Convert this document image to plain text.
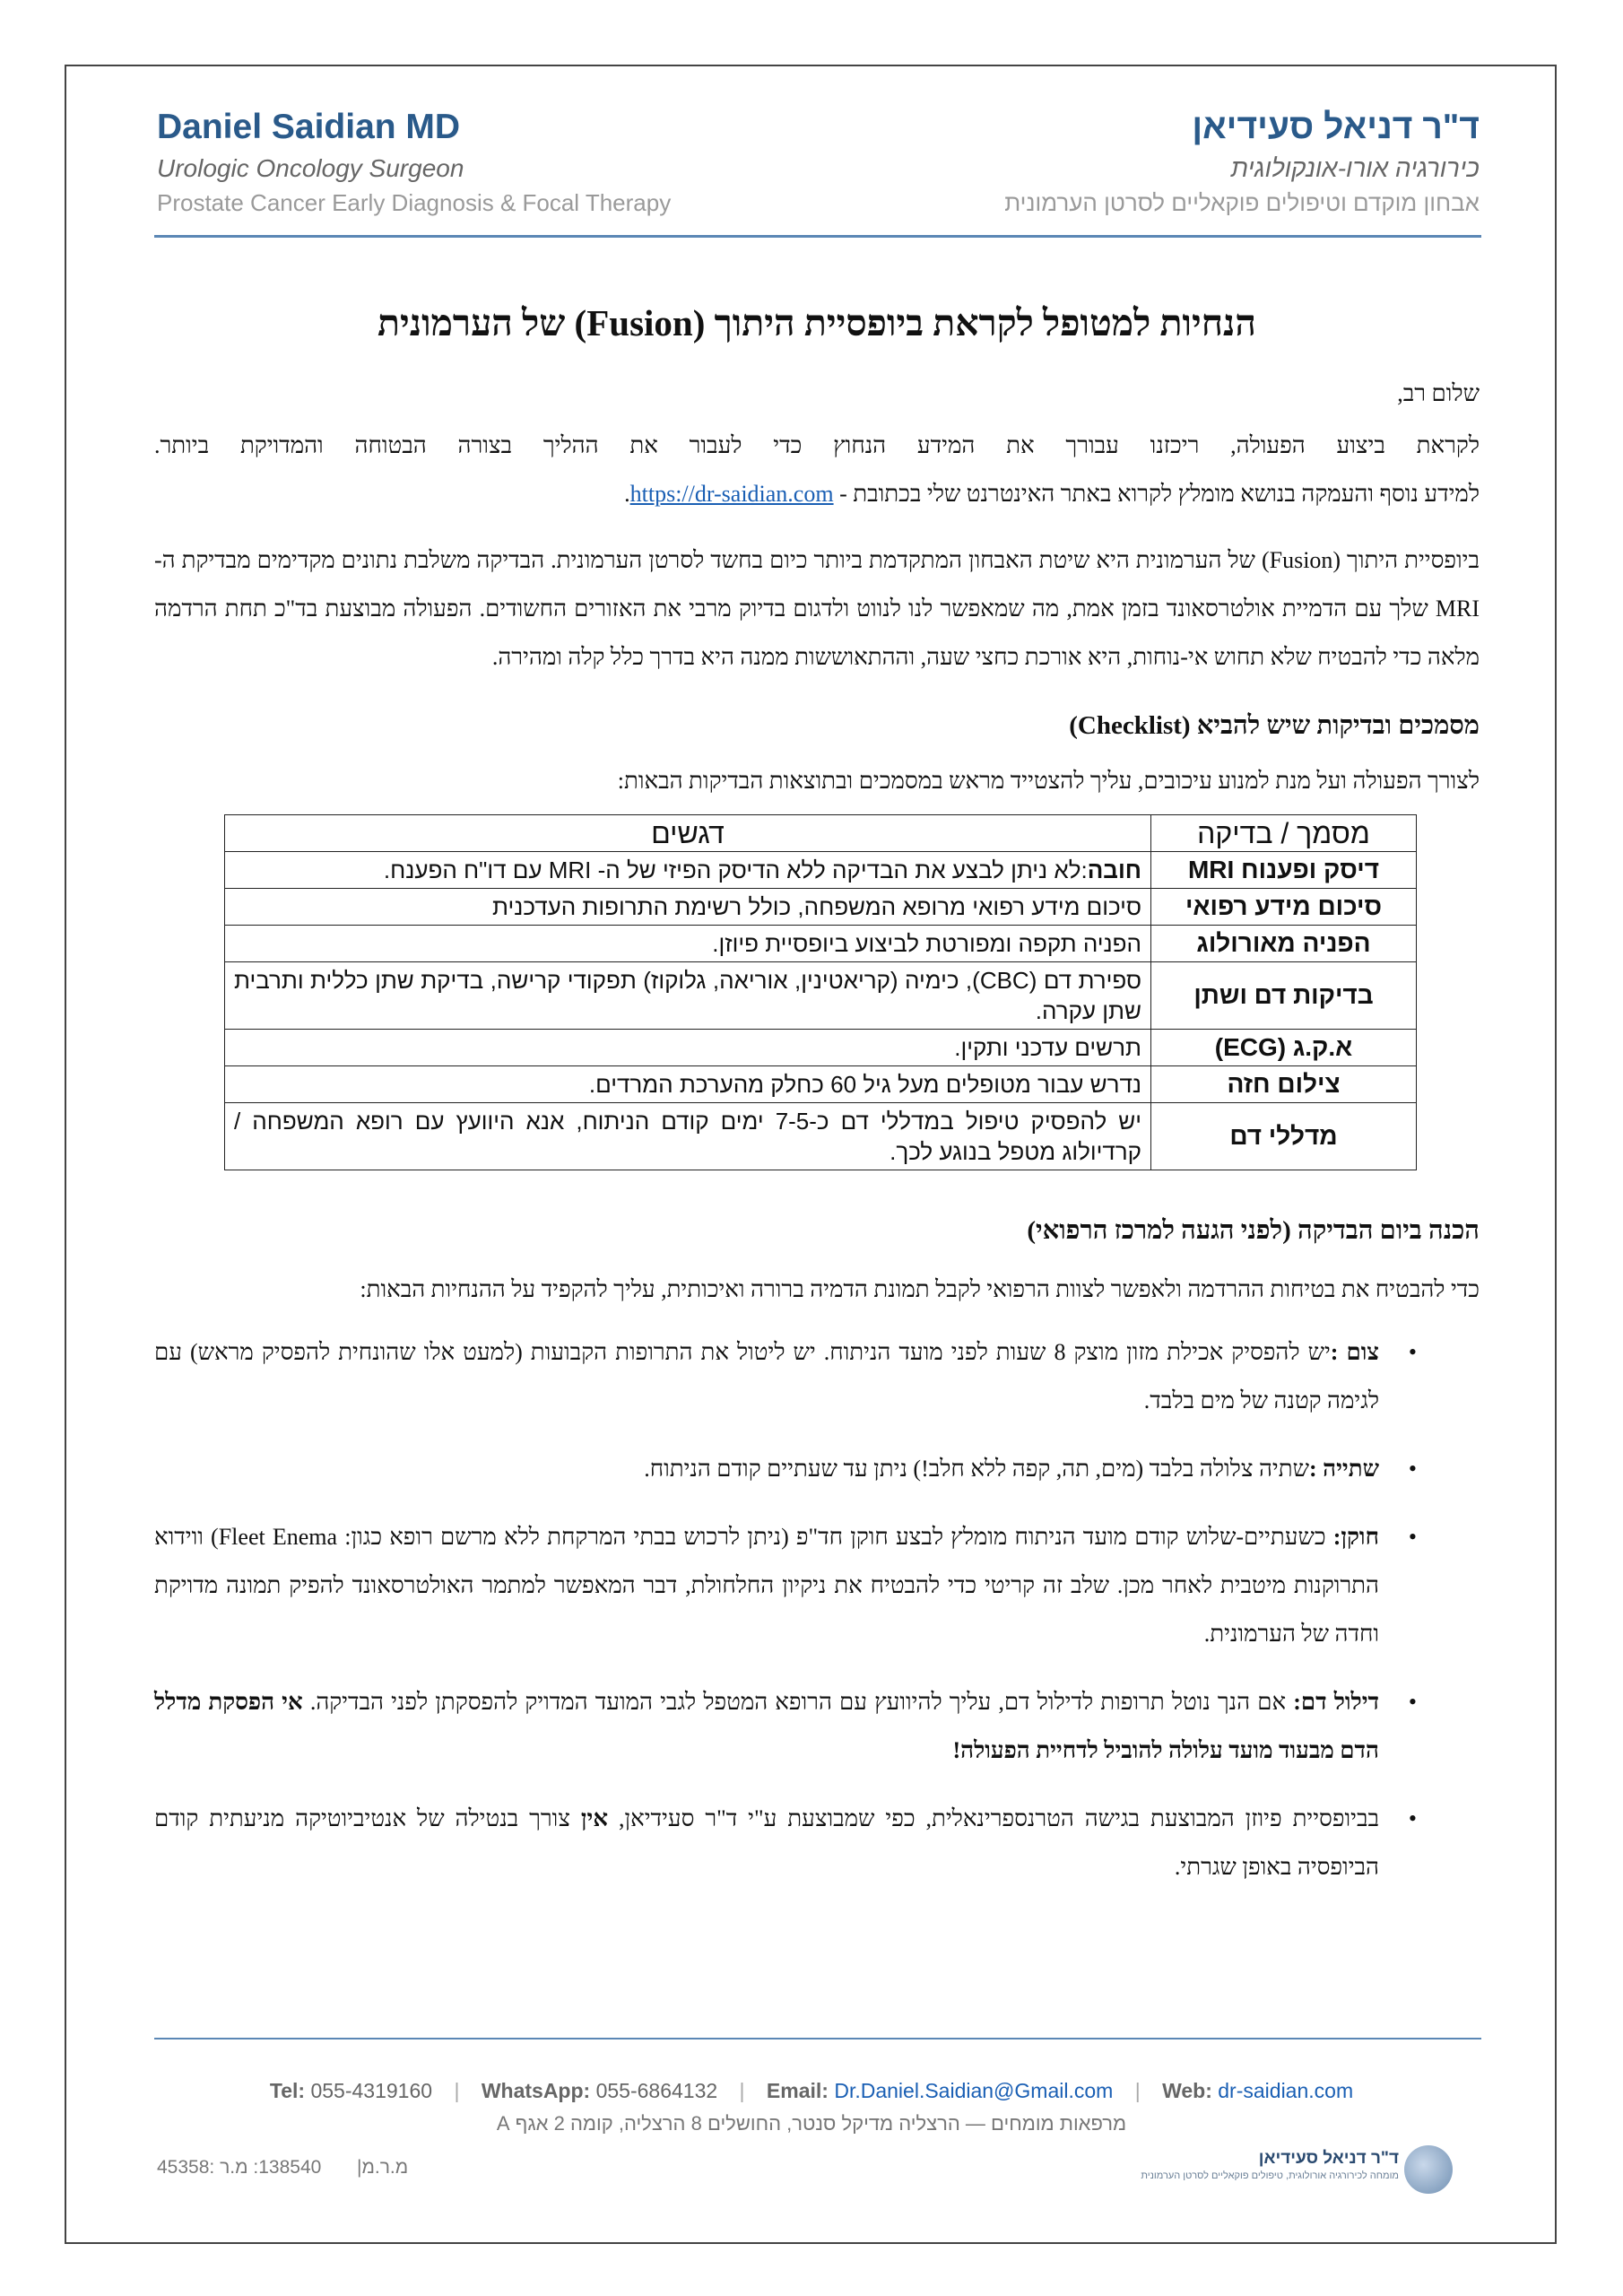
Daniel Saidian MD
Urologic Oncology Surgeon
Prostate Cancer Early Diagnosis & Focal Therapy
ד"ר דניאל סעידיאן
כירורגיה אורו-אונקולוגית
אבחון מוקדם וטיפולים פוקאליים לסרטן הערמונית
הנחיות למטופל לקראת ביופסיית היתוך (Fusion) של הערמונית

שלום רב,

לקראת ביצוע הפעולה, ריכזנו עבורך את המידע הנחוץ כדי לעבור את ההליך בצורה הבטוחה והמדויקת ביותר.

למידע נוסף והעמקה בנושא מומלץ לקרוא באתר האינטרנט שלי בכתובת - https://dr-saidian.com.

ביופסיית היתוך (Fusion) של הערמונית היא שיטת האבחון המתקדמת ביותר כיום בחשד לסרטן הערמונית. הבדיקה משלבת נתונים מקדימים מבדיקת ה- MRI שלך עם הדמיית אולטרסאונד בזמן אמת, מה שמאפשר לנו לנווט ולדגום בדיוק מרבי את האזורים החשודים. הפעולה מבוצעת בד"כ תחת הרדמה מלאה כדי להבטיח שלא תחוש אי-נוחות, היא אורכת כחצי שעה, וההתאוששות ממנה היא בדרך כלל קלה ומהירה.

מסמכים ובדיקות שיש להביא (Checklist)

לצורך הפעולה ועל מנת למנוע עיכובים, עליך להצטייד מראש במסמכים ובתוצאות הבדיקות הבאות:

מסמך / בדיקה	דגשים
דיסק ופענוח MRI	חובה:לא ניתן לבצע את הבדיקה ללא הדיסק הפיזי של ה- MRI עם דו"ח הפענח.
סיכום מידע רפואי	סיכום מידע רפואי מרופא המשפחה, כולל רשימת התרופות העדכנית
הפניה מאורולוג	הפניה תקפה ומפורטת לביצוע ביופסיית פיוזן.
בדיקות דם ושתן	ספירת דם (CBC), כימיה (קריאטינין, אוריאה, גלוקוז) תפקודי קרישה, בדיקת שתן כללית ותרבית שתן עקרה.
א.ק.ג (ECG)	תרשים עדכני ותקין.
צילום חזה	נדרש עבור מטופלים מעל גיל 60 כחלק מהערכת המרדים.
מדללי דם	יש להפסיק טיפול במדללי דם כ-7-5 ימים קודם הניתוח, אנא היוועץ עם רופא המשפחה / קרדיולוג מטפל בנוגע לכך.
הכנה ביום הבדיקה (לפני הגעה למרכז הרפואי)

כדי להבטיח את בטיחות ההרדמה ולאפשר לצוות הרפואי לקבל תמונת הדמיה ברורה ואיכותית, עליך להקפיד על ההנחיות הבאות:

•
צום :יש להפסיק אכילת מזון מוצק 8 שעות לפני מועד הניתוח. יש ליטול את התרופות הקבועות (למעט אלו שהונחית להפסיק מראש) עם לגימה קטנה של מים בלבד.
•
שתייה :שתיה צלולה בלבד (מים, תה, קפה ללא חלב!) ניתן עד שעתיים קודם הניתוח.
•
חוקן: כשעתיים-שלוש קודם מועד הניתוח מומלץ לבצע חוקן חד"פ (ניתן לרכוש בבתי המרקחת ללא מרשם רופא כגון: Fleet Enema) ווידוא התרוקנות מיטבית לאחר מכן. שלב זה קריטי כדי להבטיח את ניקיון החלחולת, דבר המאפשר למתמר האולטרסאונד להפיק תמונה מדויקת וחדה של הערמונית.
•
דילול דם: אם הנך נוטל תרופות לדילול דם, עליך להיוועץ עם הרופא המטפל לגבי המועד המדויק להפסקתן לפני הבדיקה. אי הפסקת מדלל הדם מבעוד מועד עלולה להוביל לדחיית הפעולה!
•
בביופסיית פיוזן המבוצעת בגישה הטרנספרינאלית, כפי שמבוצעת ע"י ד"ר סעידיאן, אין צורך בנטילה של אנטיביוטיקה מניעתית קודם הביופסיה באופן שגרתי.
Tel: 055-4319160 | WhatsApp: 055-6864132 | Email: Dr.Daniel.Saidian@Gmail.com | Web: dr-saidian.com
מרפאות מומחים — הרצליה מדיקל סנטר, החושלים 8 הרצליה, קומה 2 אגף A
45358: מ.ר.מ|  138540: מ.ר	ד"ר דניאל סעידיאן
מומחה לכירורגיה אורולוגית, טיפולים פוקאליים לסרטן הערמונית
